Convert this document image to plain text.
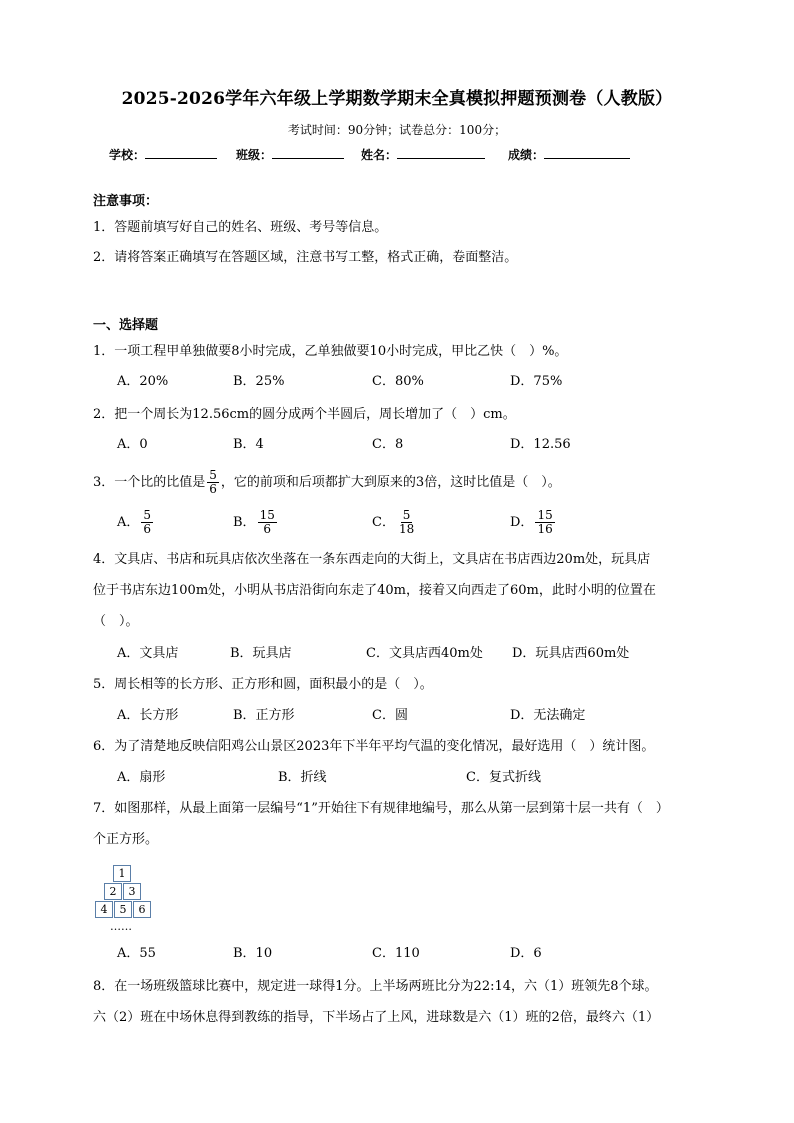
2025-2026学年六年级上学期数学期末全真模拟押题预测卷（人教版）
考试时间：90分钟；试卷总分：100分；
学校：	班级：	姓名：	成绩：
注意事项：
1．答题前填写好自己的姓名、班级、考号等信息。
2．请将答案正确填写在答题区域，注意书写工整，格式正确，卷面整洁。
一、选择题
1．一项工程甲单独做要8小时完成，乙单独做要10小时完成，甲比乙快（　）%。
A．20%	B．25%	C．80%	D．75%
2．把一个周长为12.56cm的圆分成两个半圆后，周长增加了（　）cm。
A．0	B．4	C．8	D．12.56
3．一个比的比值是 $\frac{5}{6}$ ，它的前项和后项都扩大到原来的3倍，这时比值是（　）。
A． $\frac{5}{6}$	B． $\frac{15}{6}$	C． $\frac{5}{18}$	D． $\frac{15}{16}$
4．文具店、书店和玩具店依次坐落在一条东西走向的大街上，文具店在书店西边20m处，玩具店
位于书店东边100m处，小明从书店沿街向东走了40m，接着又向西走了60m，此时小明的位置在
（　）。
A．文具店	B．玩具店	C．文具店西40m处 D．玩具店西60m处
5．周长相等的长方形、正方形和圆，面积最小的是（　）。
A．长方形	B．正方形	C．圆	D．无法确定
6．为了清楚地反映信阳鸡公山景区2023年下半年平均气温的变化情况，最好选用（　）统计图。
A．扇形	B．折线	C．复式折线
7．如图那样，从最上面第一层编号“1”开始往下有规律地编号，那么从第一层到第十层一共有（　）
个正方形。
1
2	3
4	5	6
……
A．55	B．10	C．110	D．6
8．在一场班级篮球比赛中，规定进一球得1分。上半场两班比分为22:14，六（1）班领先8个球。
六（2）班在中场休息得到教练的指导，下半场占了上风，进球数是六（1）班的2倍，最终六（1）
